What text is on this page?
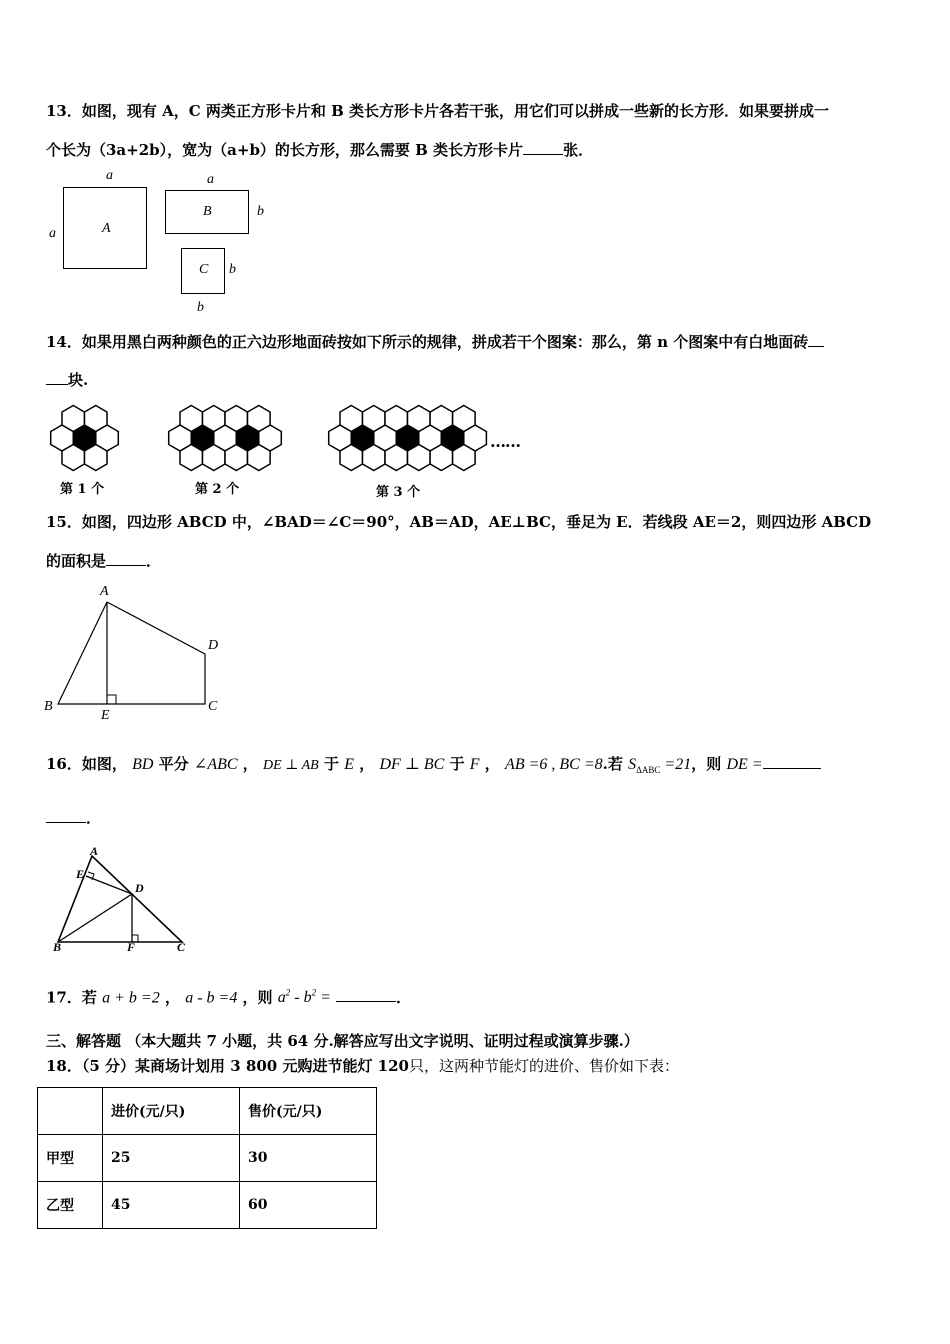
13．如图，现有 A，C 两类正方形卡片和 B 类长方形卡片各若干张，用它们可以拼成一些新的长方形．如果要拼成一
个长为（3a+2b），宽为（a+b）的长方形，那么需要 B 类长方形卡片	张．
A
a
a
B
a
b
C b
b
14．如果用黑白两种颜色的正六边形地面砖按如下所示的规律，拼成若干个图案：那么，第 n 个图案中有白地面砖
块.
第 1 个	第 2 个	第 3 个
……
15．如图，四边形 ABCD 中，∠BAD＝∠C＝90°，AB＝AD，AE⊥BC，垂足为 E．若线段 AE＝2，则四边形 ABCD
的面积是	．
A
B
E
C
D
16．如图， BD 平分 ∠ABC ， DE ⊥ AB 于 E ， DF ⊥ BC 于 F ， AB =6 , BC =8.若 $S_{\Delta ABC} =21$，则 DE =
．
A
E
D
B	F	C
17．若 a + b =2 ， a - b =4 ，则 $a^2 - b^2$ =	．
三、解答题 （本大题共 7 小题，共 64 分.解答应写出文字说明、证明过程或演算步骤.）
18．（5 分）某商场计划用 3 800 元购进节能灯 120只，这两种节能灯的进价、售价如下表：
	进价(元/只)	售价(元/只)
甲型	25	30
乙型	45	60
